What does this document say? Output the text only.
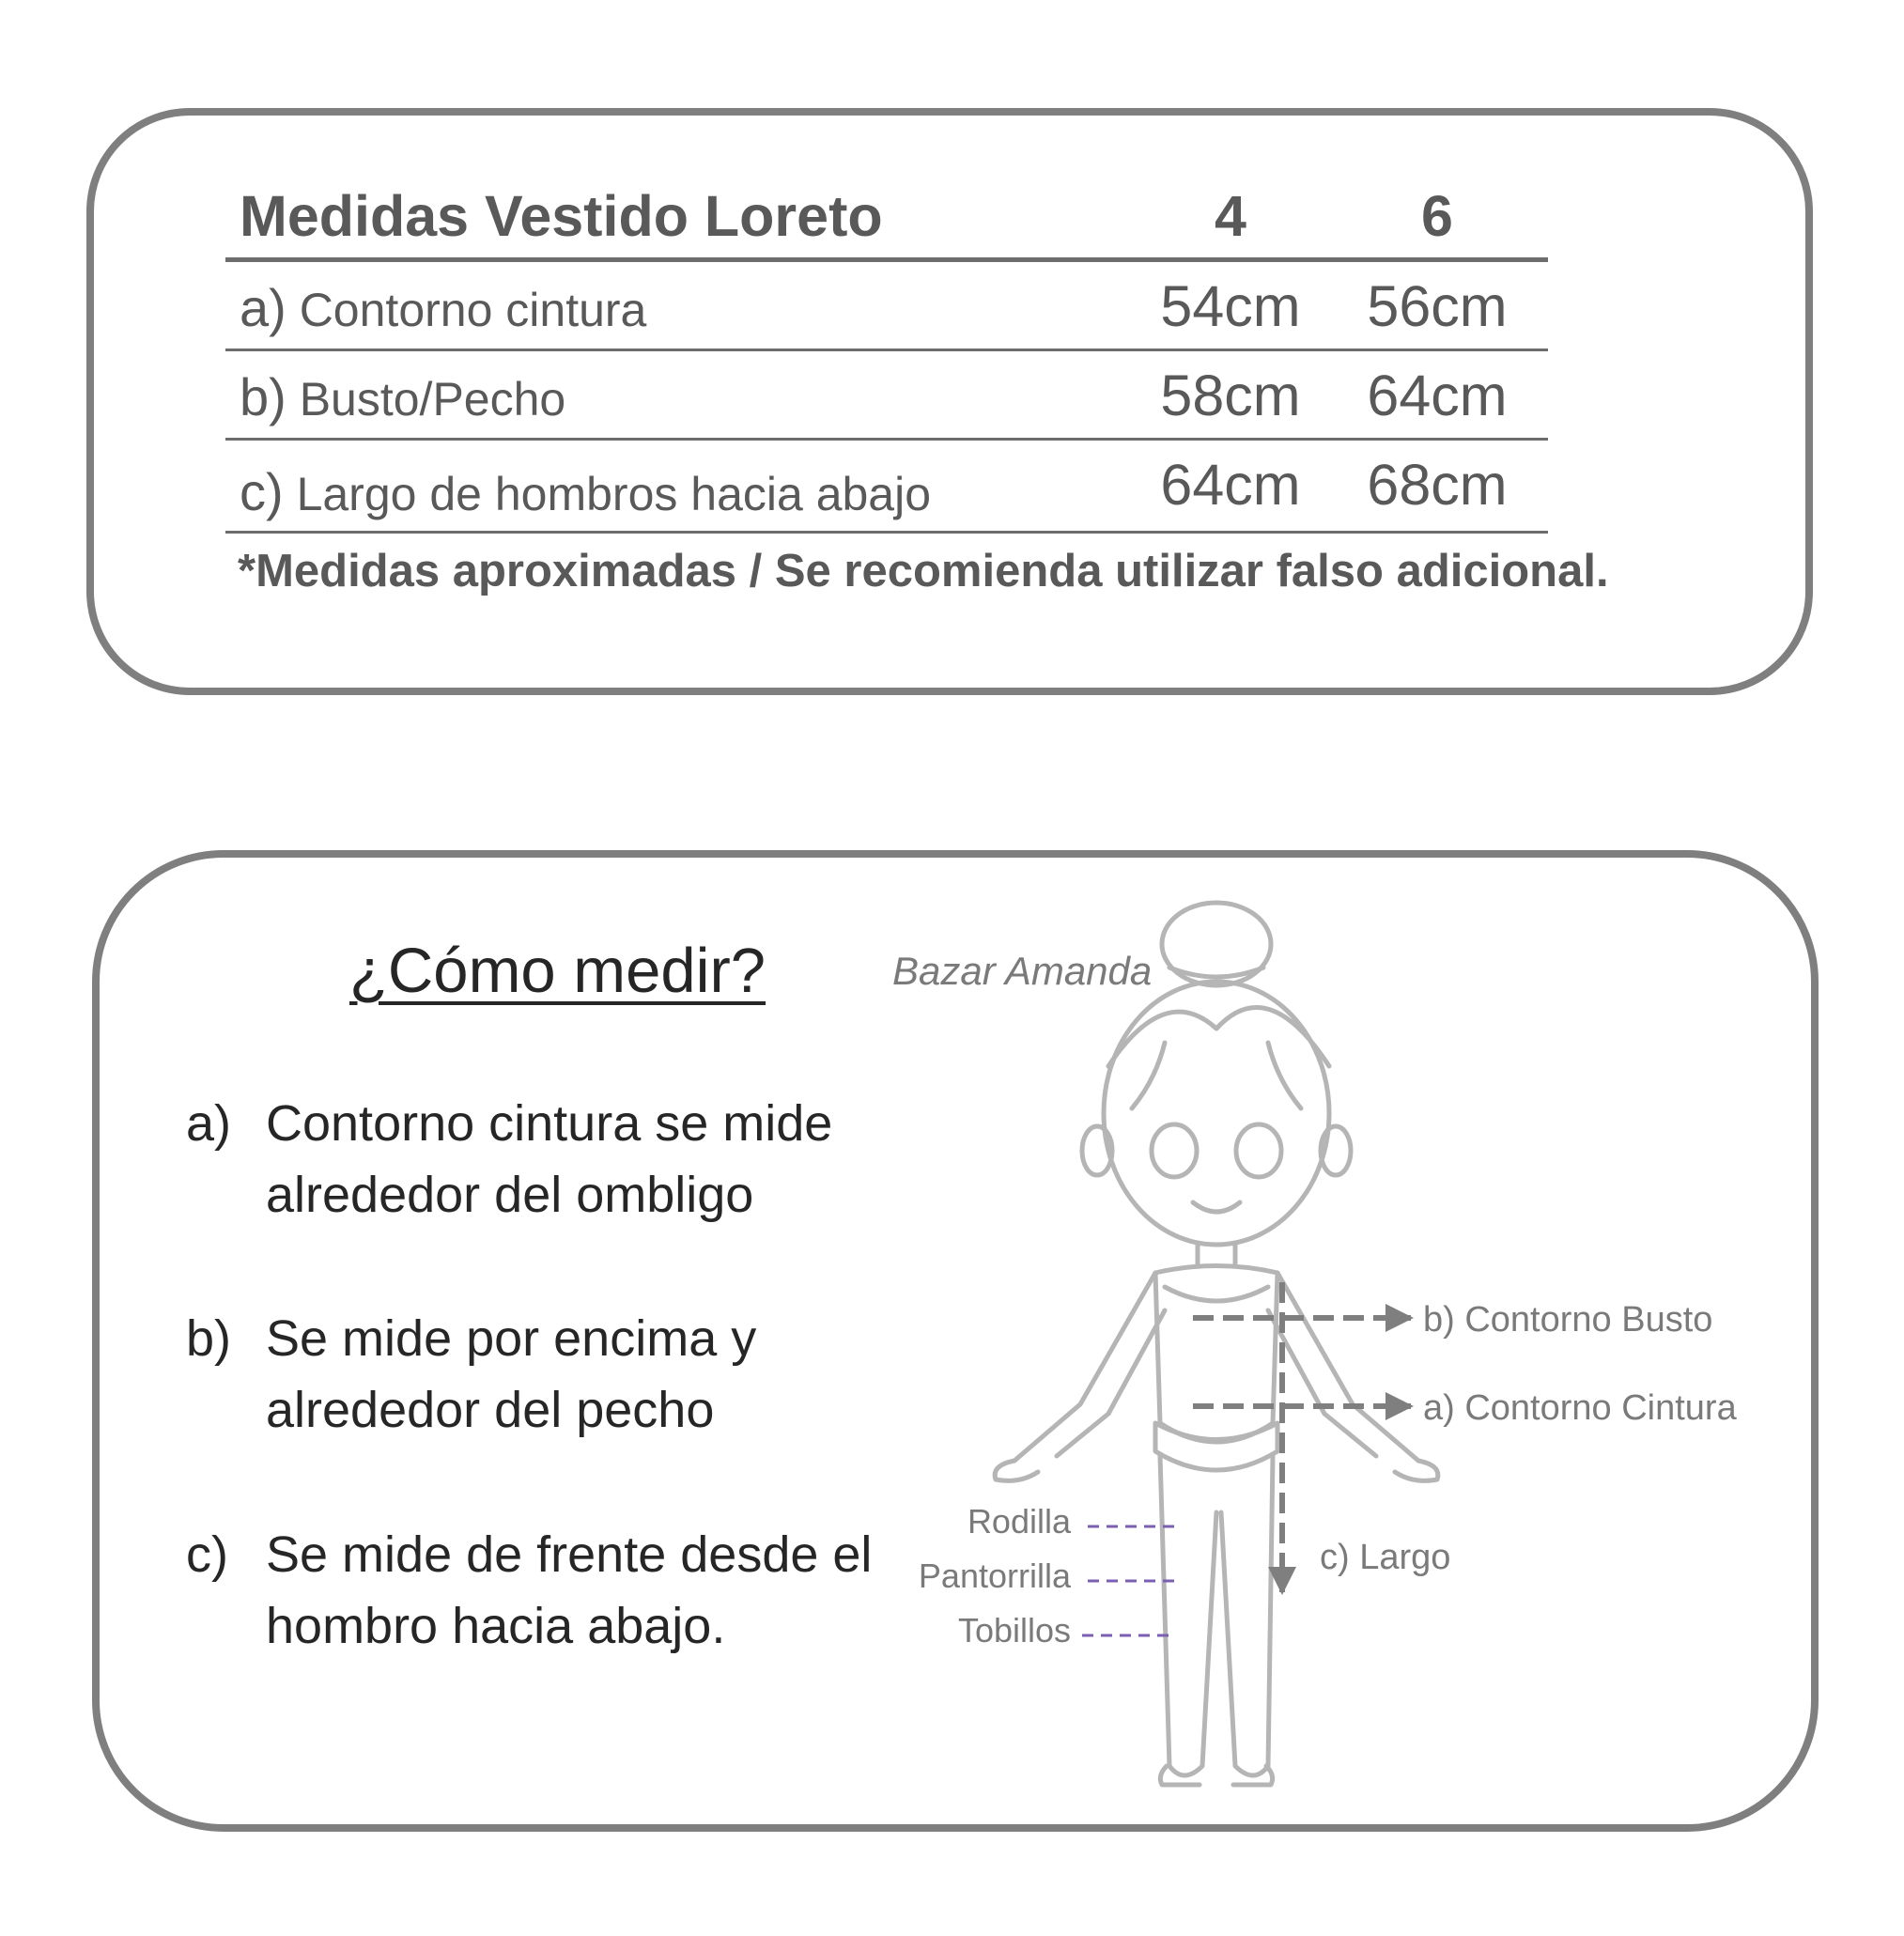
Medidas Vestido Loreto	4	6
a) Contorno cintura	54cm	56cm
b) Busto/Pecho	58cm	64cm
c) Largo de hombros hacia abajo	64cm	68cm
*Medidas aproximadas / Se recomienda utilizar falso adicional.
¿Cómo medir?
a) Contorno cintura se mide
alrededor del ombligo
b) Se mide por encima y
alrededor del pecho
c) Se mide de frente desde el
hombro hacia abajo.
Bazar Amanda
b) Contorno Busto
a) Contorno Cintura
c) Largo
Rodilla
Pantorrilla
Tobillos
